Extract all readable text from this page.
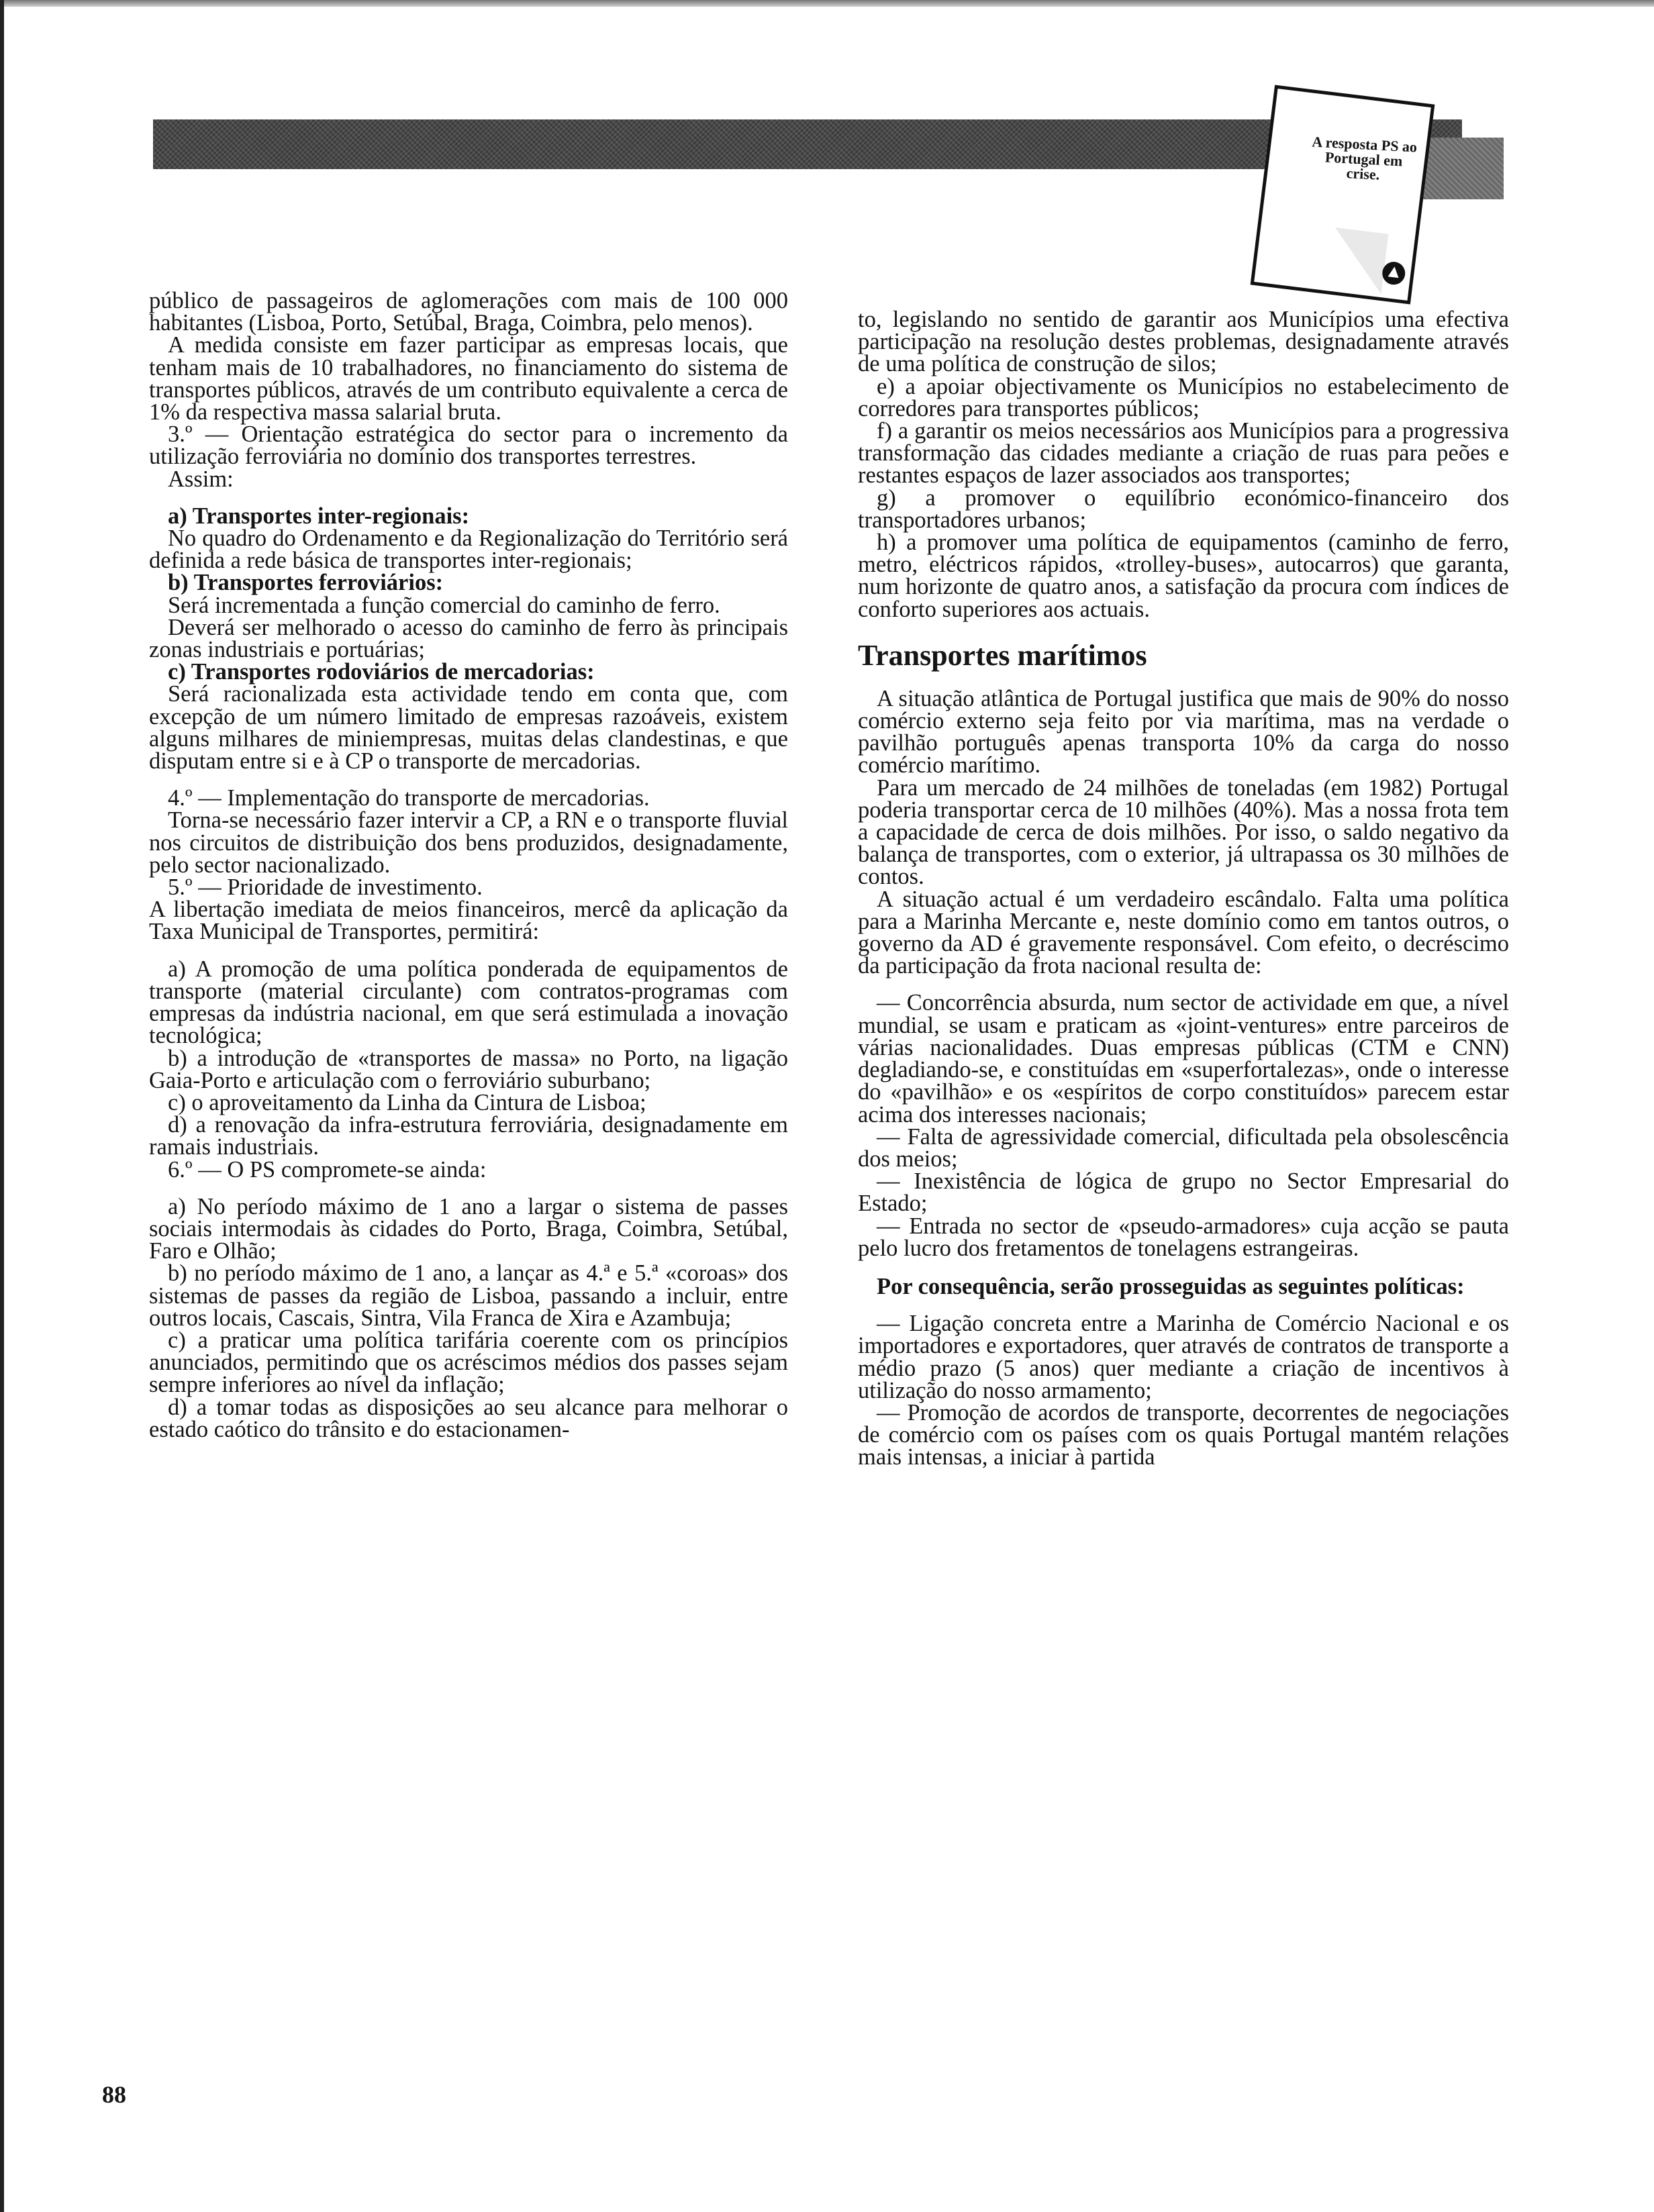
A resposta PS ao Portugal em crise.

público de passageiros de aglomerações com mais de 100 000 habitantes (Lisboa, Porto, Setúbal, Braga, Coimbra, pelo menos).

A medida consiste em fazer participar as empresas locais, que tenham mais de 10 trabalhadores, no financiamento do sistema de transportes públicos, através de um contributo equivalente a cerca de 1% da respectiva massa salarial bruta.

3.º — Orientação estratégica do sector para o incremento da utilização ferroviária no domínio dos transportes terrestres.

Assim:

a) Transportes inter-regionais:

No quadro do Ordenamento e da Regionalização do Território será definida a rede básica de transportes inter-regionais;

b) Transportes ferroviários:

Será incrementada a função comercial do caminho de ferro.

Deverá ser melhorado o acesso do caminho de ferro às principais zonas industriais e portuárias;

c) Transportes rodoviários de mercadorias:

Será racionalizada esta actividade tendo em conta que, com excepção de um número limitado de empresas razoáveis, existem alguns milhares de miniempresas, muitas delas clandestinas, e que disputam entre si e à CP o transporte de mercadorias.

4.º — Implementação do transporte de mercadorias.

Torna-se necessário fazer intervir a CP, a RN e o transporte fluvial nos circuitos de distribuição dos bens produzidos, designadamente, pelo sector nacionalizado.

5.º — Prioridade de investimento.

A libertação imediata de meios financeiros, mercê da aplicação da Taxa Municipal de Transportes, permitirá:

a) A promoção de uma política ponderada de equipamentos de transporte (material circulante) com contratos-programas com empresas da indústria nacional, em que será estimulada a inovação tecnológica;

b) a introdução de «transportes de massa» no Porto, na ligação Gaia-Porto e articulação com o ferroviário suburbano;

c) o aproveitamento da Linha da Cintura de Lisboa;

d) a renovação da infra-estrutura ferroviária, designadamente em ramais industriais.

6.º — O PS compromete-se ainda:

a) No período máximo de 1 ano a largar o sistema de passes sociais intermodais às cidades do Porto, Braga, Coimbra, Setúbal, Faro e Olhão;

b) no período máximo de 1 ano, a lançar as 4.ª e 5.ª «coroas» dos sistemas de passes da região de Lisboa, passando a incluir, entre outros locais, Cascais, Sintra, Vila Franca de Xira e Azambuja;

c) a praticar uma política tarifária coerente com os princípios anunciados, permitindo que os acréscimos médios dos passes sejam sempre inferiores ao nível da inflação;

d) a tomar todas as disposições ao seu alcance para melhorar o estado caótico do trânsito e do estacionamen-

to, legislando no sentido de garantir aos Municípios uma efectiva participação na resolução destes problemas, designadamente através de uma política de construção de silos;

e) a apoiar objectivamente os Municípios no estabelecimento de corredores para transportes públicos;

f) a garantir os meios necessários aos Municípios para a progressiva transformação das cidades mediante a criação de ruas para peões e restantes espaços de lazer associados aos transportes;

g) a promover o equilíbrio económico-financeiro dos transportadores urbanos;

h) a promover uma política de equipamentos (caminho de ferro, metro, eléctricos rápidos, «trolley-buses», autocarros) que garanta, num horizonte de quatro anos, a satisfação da procura com índices de conforto superiores aos actuais.

Transportes marítimos

A situação atlântica de Portugal justifica que mais de 90% do nosso comércio externo seja feito por via marítima, mas na verdade o pavilhão português apenas transporta 10% da carga do nosso comércio marítimo.

Para um mercado de 24 milhões de toneladas (em 1982) Portugal poderia transportar cerca de 10 milhões (40%). Mas a nossa frota tem a capacidade de cerca de dois milhões. Por isso, o saldo negativo da balança de transportes, com o exterior, já ultrapassa os 30 milhões de contos.

A situação actual é um verdadeiro escândalo. Falta uma política para a Marinha Mercante e, neste domínio como em tantos outros, o governo da AD é gravemente responsável. Com efeito, o decréscimo da participação da frota nacional resulta de:

— Concorrência absurda, num sector de actividade em que, a nível mundial, se usam e praticam as «joint-ventures» entre parceiros de várias nacionalidades. Duas empresas públicas (CTM e CNN) degladiando-se, e constituídas em «superfortalezas», onde o interesse do «pavilhão» e os «espíritos de corpo constituídos» parecem estar acima dos interesses nacionais;

— Falta de agressividade comercial, dificultada pela obsolescência dos meios;

— Inexistência de lógica de grupo no Sector Empresarial do Estado;

— Entrada no sector de «pseudo-armadores» cuja acção se pauta pelo lucro dos fretamentos de tonelagens estrangeiras.

Por consequência, serão prosseguidas as seguintes políticas:

— Ligação concreta entre a Marinha de Comércio Nacional e os importadores e exportadores, quer através de contratos de transporte a médio prazo (5 anos) quer mediante a criação de incentivos à utilização do nosso armamento;

— Promoção de acordos de transporte, decorrentes de negociações de comércio com os países com os quais Portugal mantém relações mais intensas, a iniciar à partida

88
